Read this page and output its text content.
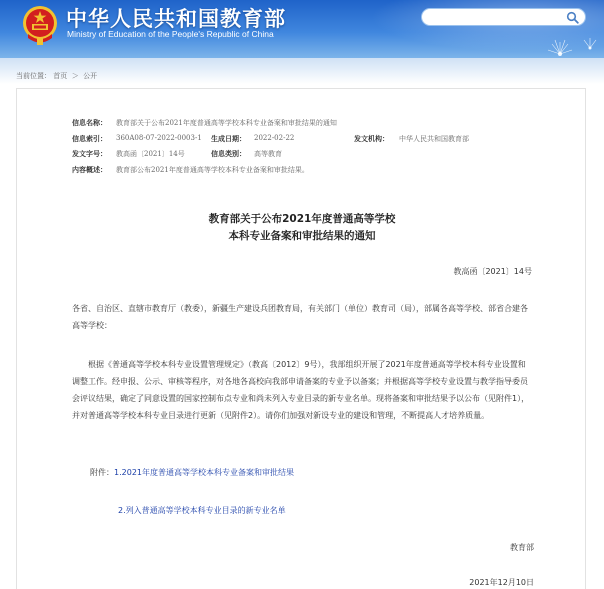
中华人民共和国教育部
Ministry of Education of the People's Republic of China
当前位置： 首页 ＞ 公开
信息名称： 教育部关于公布2021年度普通高等学校本科专业备案和审批结果的通知
信息索引： 360A08-07-2022-0003-1 生成日期： 2022-02-22	发文机构： 中华人民共和国教育部
发文字号： 教高函〔2021〕14号	信息类别： 高等教育
内容概述： 教育部公布2021年度普通高等学校本科专业备案和审批结果。
教育部关于公布2021年度普通高等学校
本科专业备案和审批结果的通知
教高函〔2021〕14号
各省、自治区、直辖市教育厅（教委），新疆生产建设兵团教育局，有关部门（单位）教育司（局），部属各高等学校、部省合建各高等学校：
根据《普通高等学校本科专业设置管理规定》（教高〔2012〕9号），我部组织开展了2021年度普通高等学校本科专业设置和调整工作。经申报、公示、审核等程序，对各地各高校向我部申请备案的专业予以备案；并根据高等学校专业设置与教学指导委员会评议结果，确定了同意设置的国家控制布点专业和尚未列入专业目录的新专业名单。现将备案和审批结果予以公布（见附件1），并对普通高等学校本科专业目录进行更新（见附件2）。请你们加强对新设专业的建设和管理，不断提高人才培养质量。
附件：1.2021年度普通高等学校本科专业备案和审批结果
2.列入普通高等学校本科专业目录的新专业名单
教育部
2021年12月10日
